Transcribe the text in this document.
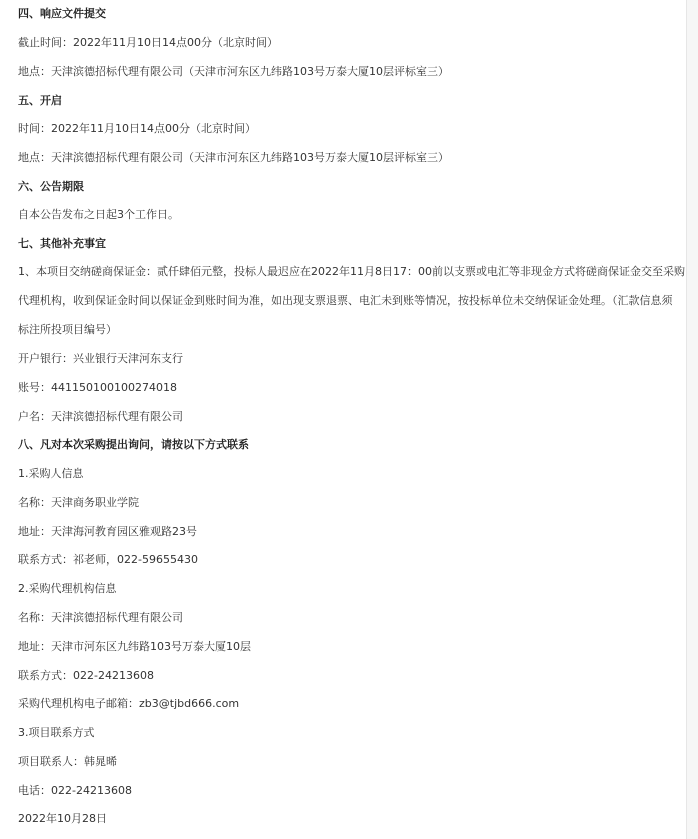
四、响应文件提交
截止时间：2022年11月10日14点00分（北京时间）
地点：天津滨德招标代理有限公司（天津市河东区九纬路103号万泰大厦10层评标室三）
五、开启
时间：2022年11月10日14点00分（北京时间）
地点：天津滨德招标代理有限公司（天津市河东区九纬路103号万泰大厦10层评标室三）
六、公告期限
自本公告发布之日起3个工作日。
七、其他补充事宜
1、本项目交纳磋商保证金：贰仟肆佰元整，投标人最迟应在2022年11月8日17：00前以支票或电汇等非现金方式将磋商保证金交至采购
代理机构，收到保证金时间以保证金到账时间为准，如出现支票退票、电汇未到账等情况，按投标单位未交纳保证金处理。（汇款信息须
标注所投项目编号）
开户银行：兴业银行天津河东支行
账号：441150100100274018
户名：天津滨德招标代理有限公司
八、凡对本次采购提出询问，请按以下方式联系
1.采购人信息
名称：天津商务职业学院
地址：天津海河教育园区雅观路23号
联系方式：祁老师，022-59655430
2.采购代理机构信息
名称：天津滨德招标代理有限公司
地址：天津市河东区九纬路103号万泰大厦10层
联系方式：022-24213608
采购代理机构电子邮箱：zb3@tjbd666.com
3.项目联系方式
项目联系人：韩晁晞
电话：022-24213608
2022年10月28日
